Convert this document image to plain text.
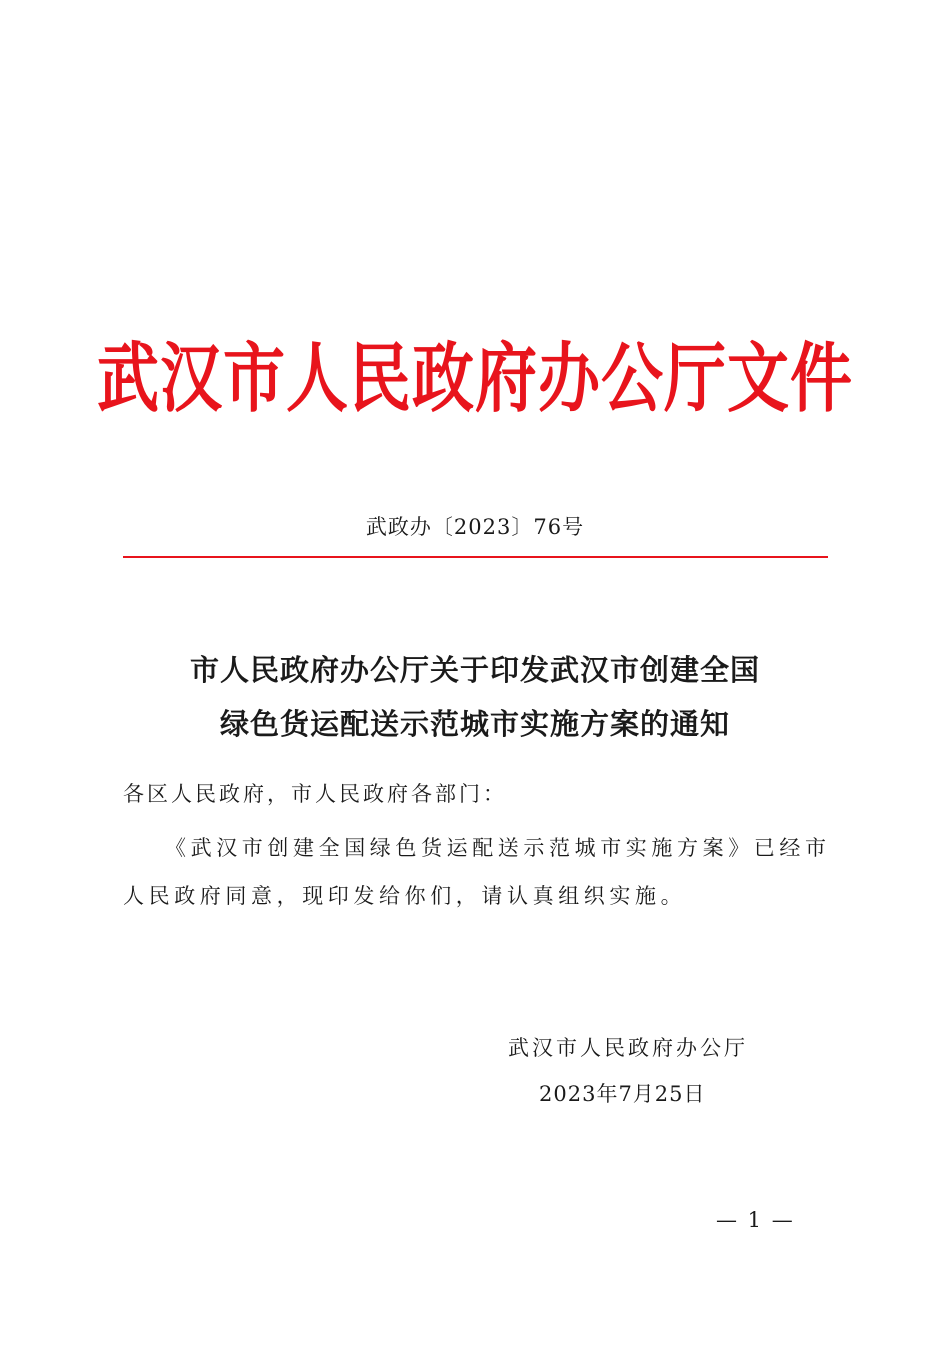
武汉市人民政府办公厅文件
武政办〔2023〕76号
市人民政府办公厅关于印发武汉市创建全国
绿色货运配送示范城市实施方案的通知
各区人民政府，市人民政府各部门：
《武汉市创建全国绿色货运配送示范城市实施方案》已经市
人民政府同意，现印发给你们，请认真组织实施。
武汉市人民政府办公厅
2023年7月25日
— 1 —
